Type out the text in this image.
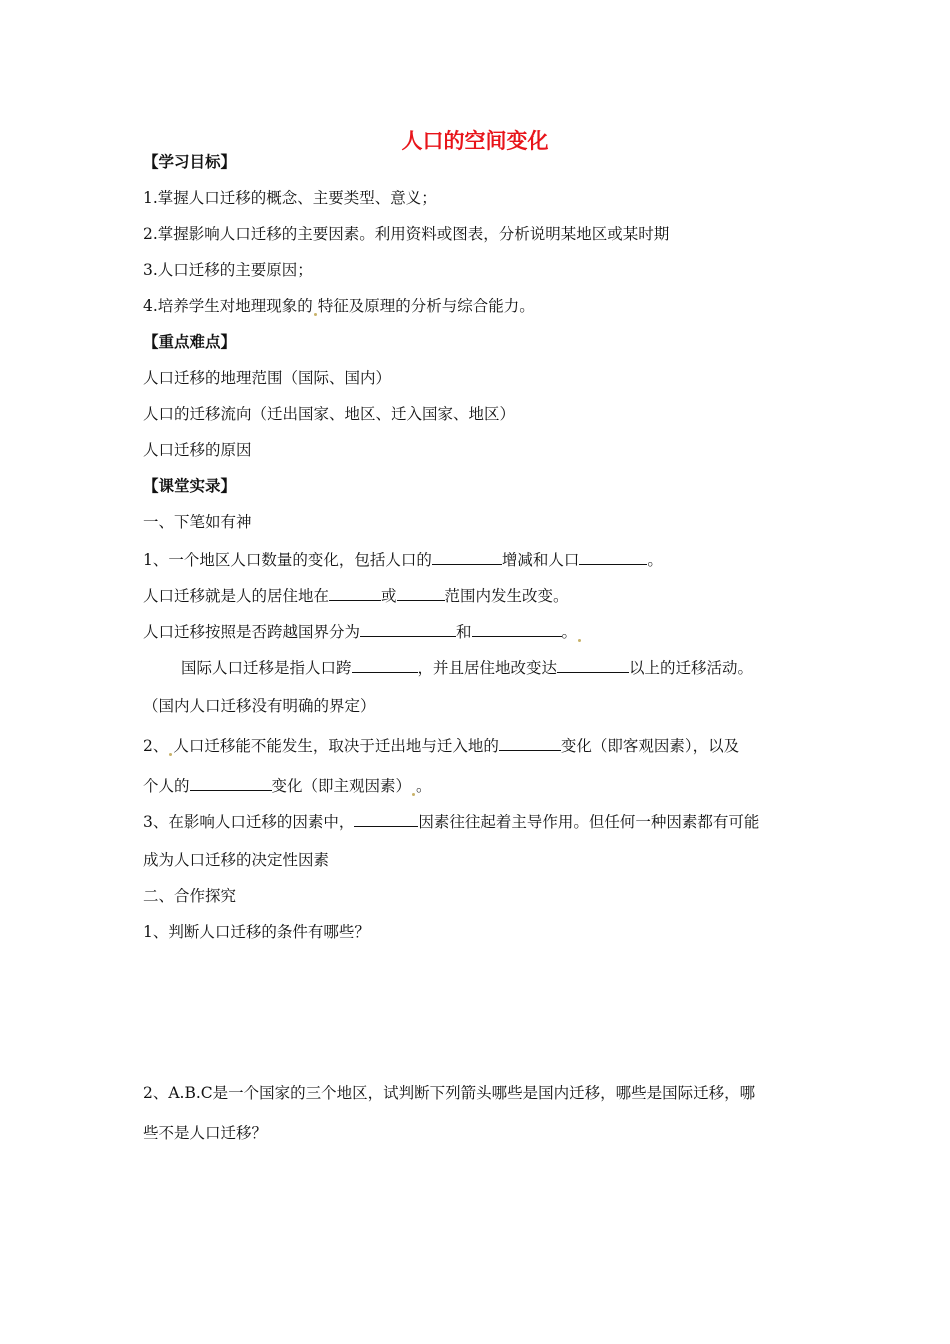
人口的空间变化
【学习目标】
1.掌握人口迁移的概念、主要类型、意义；
2.掌握影响人口迁移的主要因素。利用资料或图表，分析说明某地区或某时期
3.人口迁移的主要原因；
4.培养学生对地理现象的 特征及原理的分析与综合能力。
【重点难点】
人口迁移的地理范围（国际、国内）
人口的迁移流向（迁出国家、地区、迁入国家、地区）
人口迁移的原因
【课堂实录】
一、下笔如有神
1、一个地区人口数量的变化，包括人口的	增减和人口	。
人口迁移就是人的居住地在	或	范围内发生改变。
人口迁移按照是否跨越国界分为	和	。
国际人口迁移是指人口跨	，并且居住地改变达	以上的迁移活动。
（国内人口迁移没有明确的界定）
2、 人口迁移能不能发生，取决于迁出地与迁入地的	变化（即客观因素），以及
个人的	变化（即主观因素） 。
3、在影响人口迁移的因素中，	因素往往起着主导作用。但任何一种因素都有可能
成为人口迁移的决定性因素
二、合作探究
1、判断人口迁移的条件有哪些？
2、A.B.C是一个国家的三个地区，试判断下列箭头哪些是国内迁移，哪些是国际迁移，哪
些不是人口迁移？
